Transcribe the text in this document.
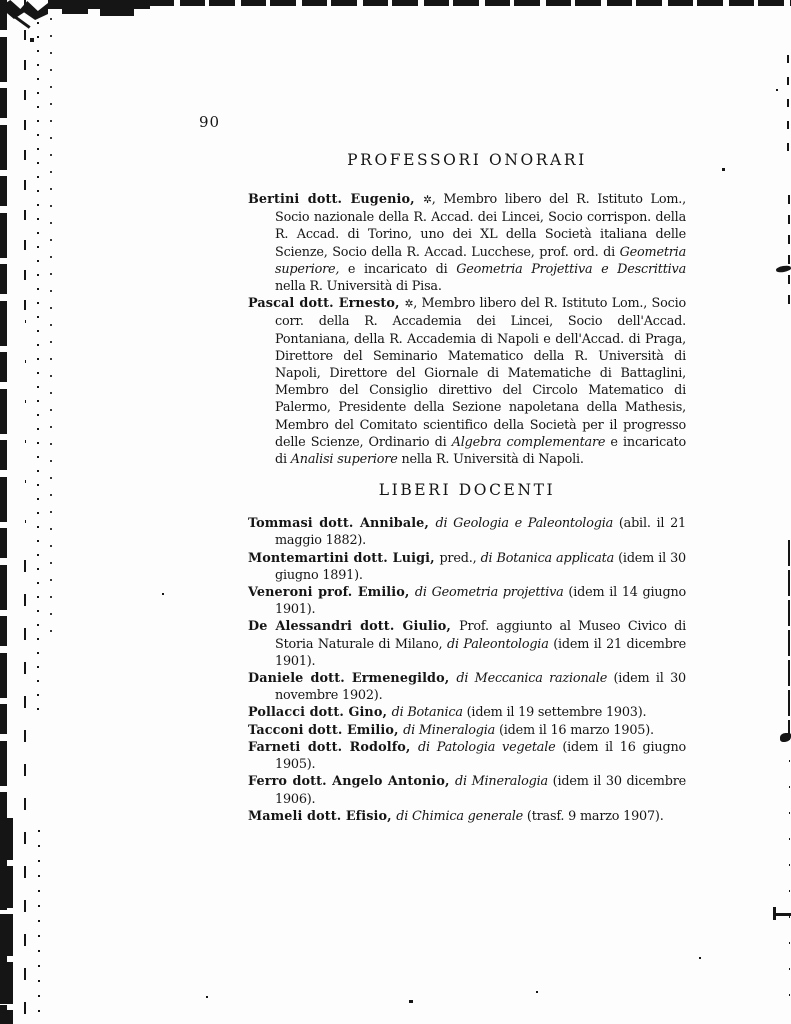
90
PROFESSORI ONORARI

Bertini dott. Eugenio, ✲, Membro libero del R. Istituto Lom., Socio nazionale della R. Accad. dei Lincei, Socio corrispon. della R. Accad. di Torino, uno dei XL della Società italiana delle Scienze, Socio della R. Accad. Lucchese, prof. ord. di Geometria superiore, e incaricato di Geometria Projettiva e Descrittiva nella R. Università di Pisa.

Pascal dott. Ernesto, ✲, Membro libero del R. Istituto Lom., Socio corr. della R. Accademia dei Lincei, Socio dell'Accad. Pontaniana, della R. Accademia di Napoli e dell'Accad. di Praga, Direttore del Seminario Matematico della R. Università di Napoli, Direttore del Giornale di Matematiche di Battaglini, Membro del Consiglio direttivo del Circolo Matematico di Palermo, Presidente della Sezione napoletana della Mathesis, Membro del Comitato scientifico della Società per il progresso delle Scienze, Ordinario di Algebra complementare e incaricato di Analisi superiore nella R. Università di Napoli.

LIBERI DOCENTI

Tommasi dott. Annibale, di Geologia e Paleontologia (abil. il 21 maggio 1882).

Montemartini dott. Luigi, pred., di Botanica applicata (idem il 30 giugno 1891).

Veneroni prof. Emilio, di Geometria projettiva (idem il 14 giugno 1901).

De Alessandri dott. Giulio, Prof. aggiunto al Museo Civico di Storia Naturale di Milano, di Paleontologia (idem il 21 dicembre 1901).

Daniele dott. Ermenegildo, di Meccanica razionale (idem il 30 novembre 1902).

Pollacci dott. Gino, di Botanica (idem il 19 settembre 1903).

Tacconi dott. Emilio, di Mineralogia (idem il 16 marzo 1905).

Farneti dott. Rodolfo, di Patologia vegetale (idem il 16 giugno 1905).

Ferro dott. Angelo Antonio, di Mineralogia (idem il 30 dicembre 1906).

Mameli dott. Efisio, di Chimica generale (trasf. 9 marzo 1907).
